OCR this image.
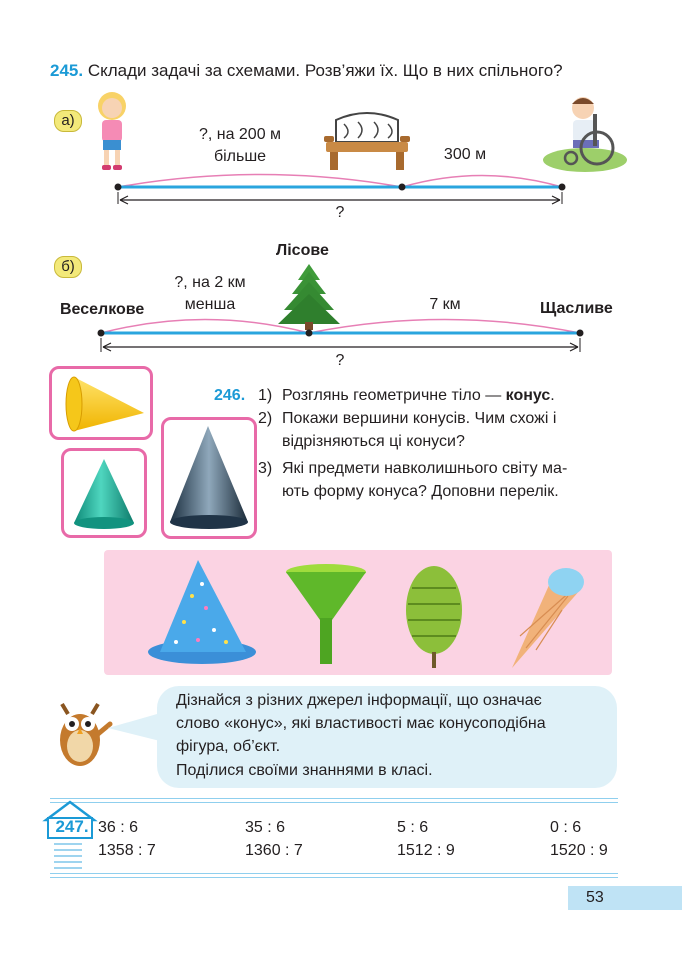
245. Склади задачі за схемами. Розв’яжи їх. Що в них спільного?
а)
?, на 200 м
більше	300 м
?
б)
Лісове
Веселкове	Щасливе
?, на 2 км
менша	7 км
?
246. 1) Розглянь геометричне тіло — конус.
2) Покажи вершини конусів. Чим схожі і
відрізняються ці конуси?
3) Які предмети навколишнього світу ма-
ють форму конуса? Доповни перелік.
Дізнайся з різних джерел інформації, що означає
слово «конус», які властивості має конусоподібна
фігура, об’єкт.
Поділися своїми знаннями в класі.
247. 36 : 6	35 : 6	5 : 6	0 : 6
1358 : 7	1360 : 7	1512 : 9	1520 : 9
53
